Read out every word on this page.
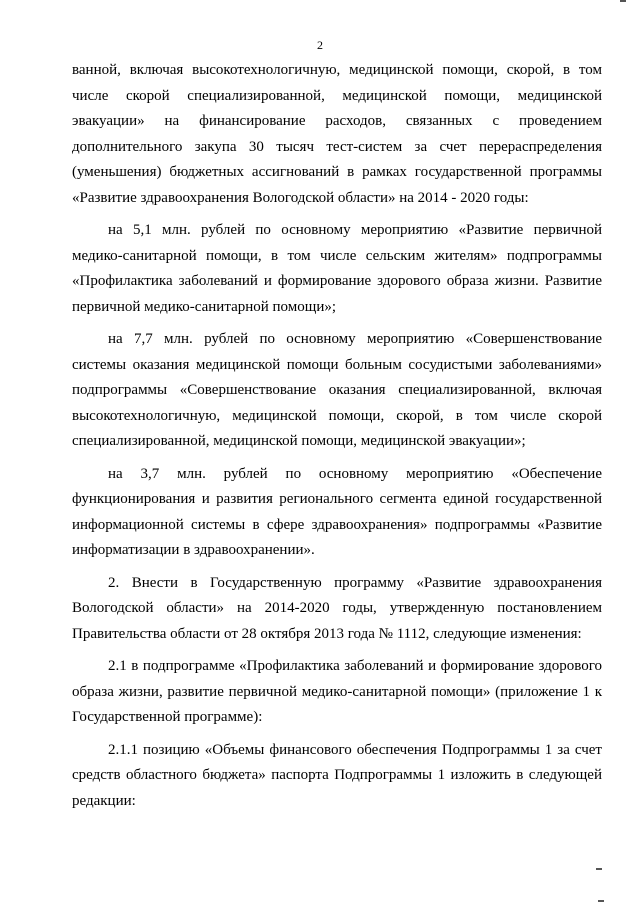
2

ванной, включая высокотехнологичную, медицинской помощи, скорой, в том числе скорой специализированной, медицинской помощи, медицинской эвакуации» на финансирование расходов, связанных с проведением дополнительного закупа 30 тысяч тест-систем за счет перераспределения (уменьшения) бюджетных ассигнований в рамках государственной программы «Развитие здравоохранения Вологодской области» на 2014 - 2020 годы:

на 5,1 млн. рублей по основному мероприятию «Развитие первичной медико-санитарной помощи, в том числе сельским жителям» подпрограммы «Профилактика заболеваний и формирование здорового образа жизни. Развитие первичной медико-санитарной помощи»;

на 7,7 млн. рублей по основному мероприятию «Совершенствование системы оказания медицинской помощи больным сосудистыми заболеваниями» подпрограммы «Совершенствование оказания специализированной, включая высокотехнологичную, медицинской помощи, скорой, в том числе скорой специализированной, медицинской помощи, медицинской эвакуации»;

на 3,7 млн. рублей по основному мероприятию «Обеспечение функционирования и развития регионального сегмента единой государственной информационной системы в сфере здравоохранения» подпрограммы «Развитие информатизации в здравоохранении».

2. Внести в Государственную программу «Развитие здравоохранения Вологодской области» на 2014-2020 годы, утвержденную постановлением Правительства области от 28 октября 2013 года № 1112, следующие изменения:

2.1 в подпрограмме «Профилактика заболеваний и формирование здорового образа жизни, развитие первичной медико-санитарной помощи» (приложение 1 к Государственной программе):

2.1.1 позицию «Объемы финансового обеспечения Подпрограммы 1 за счет средств областного бюджета» паспорта Подпрограммы 1 изложить в следующей редакции:
